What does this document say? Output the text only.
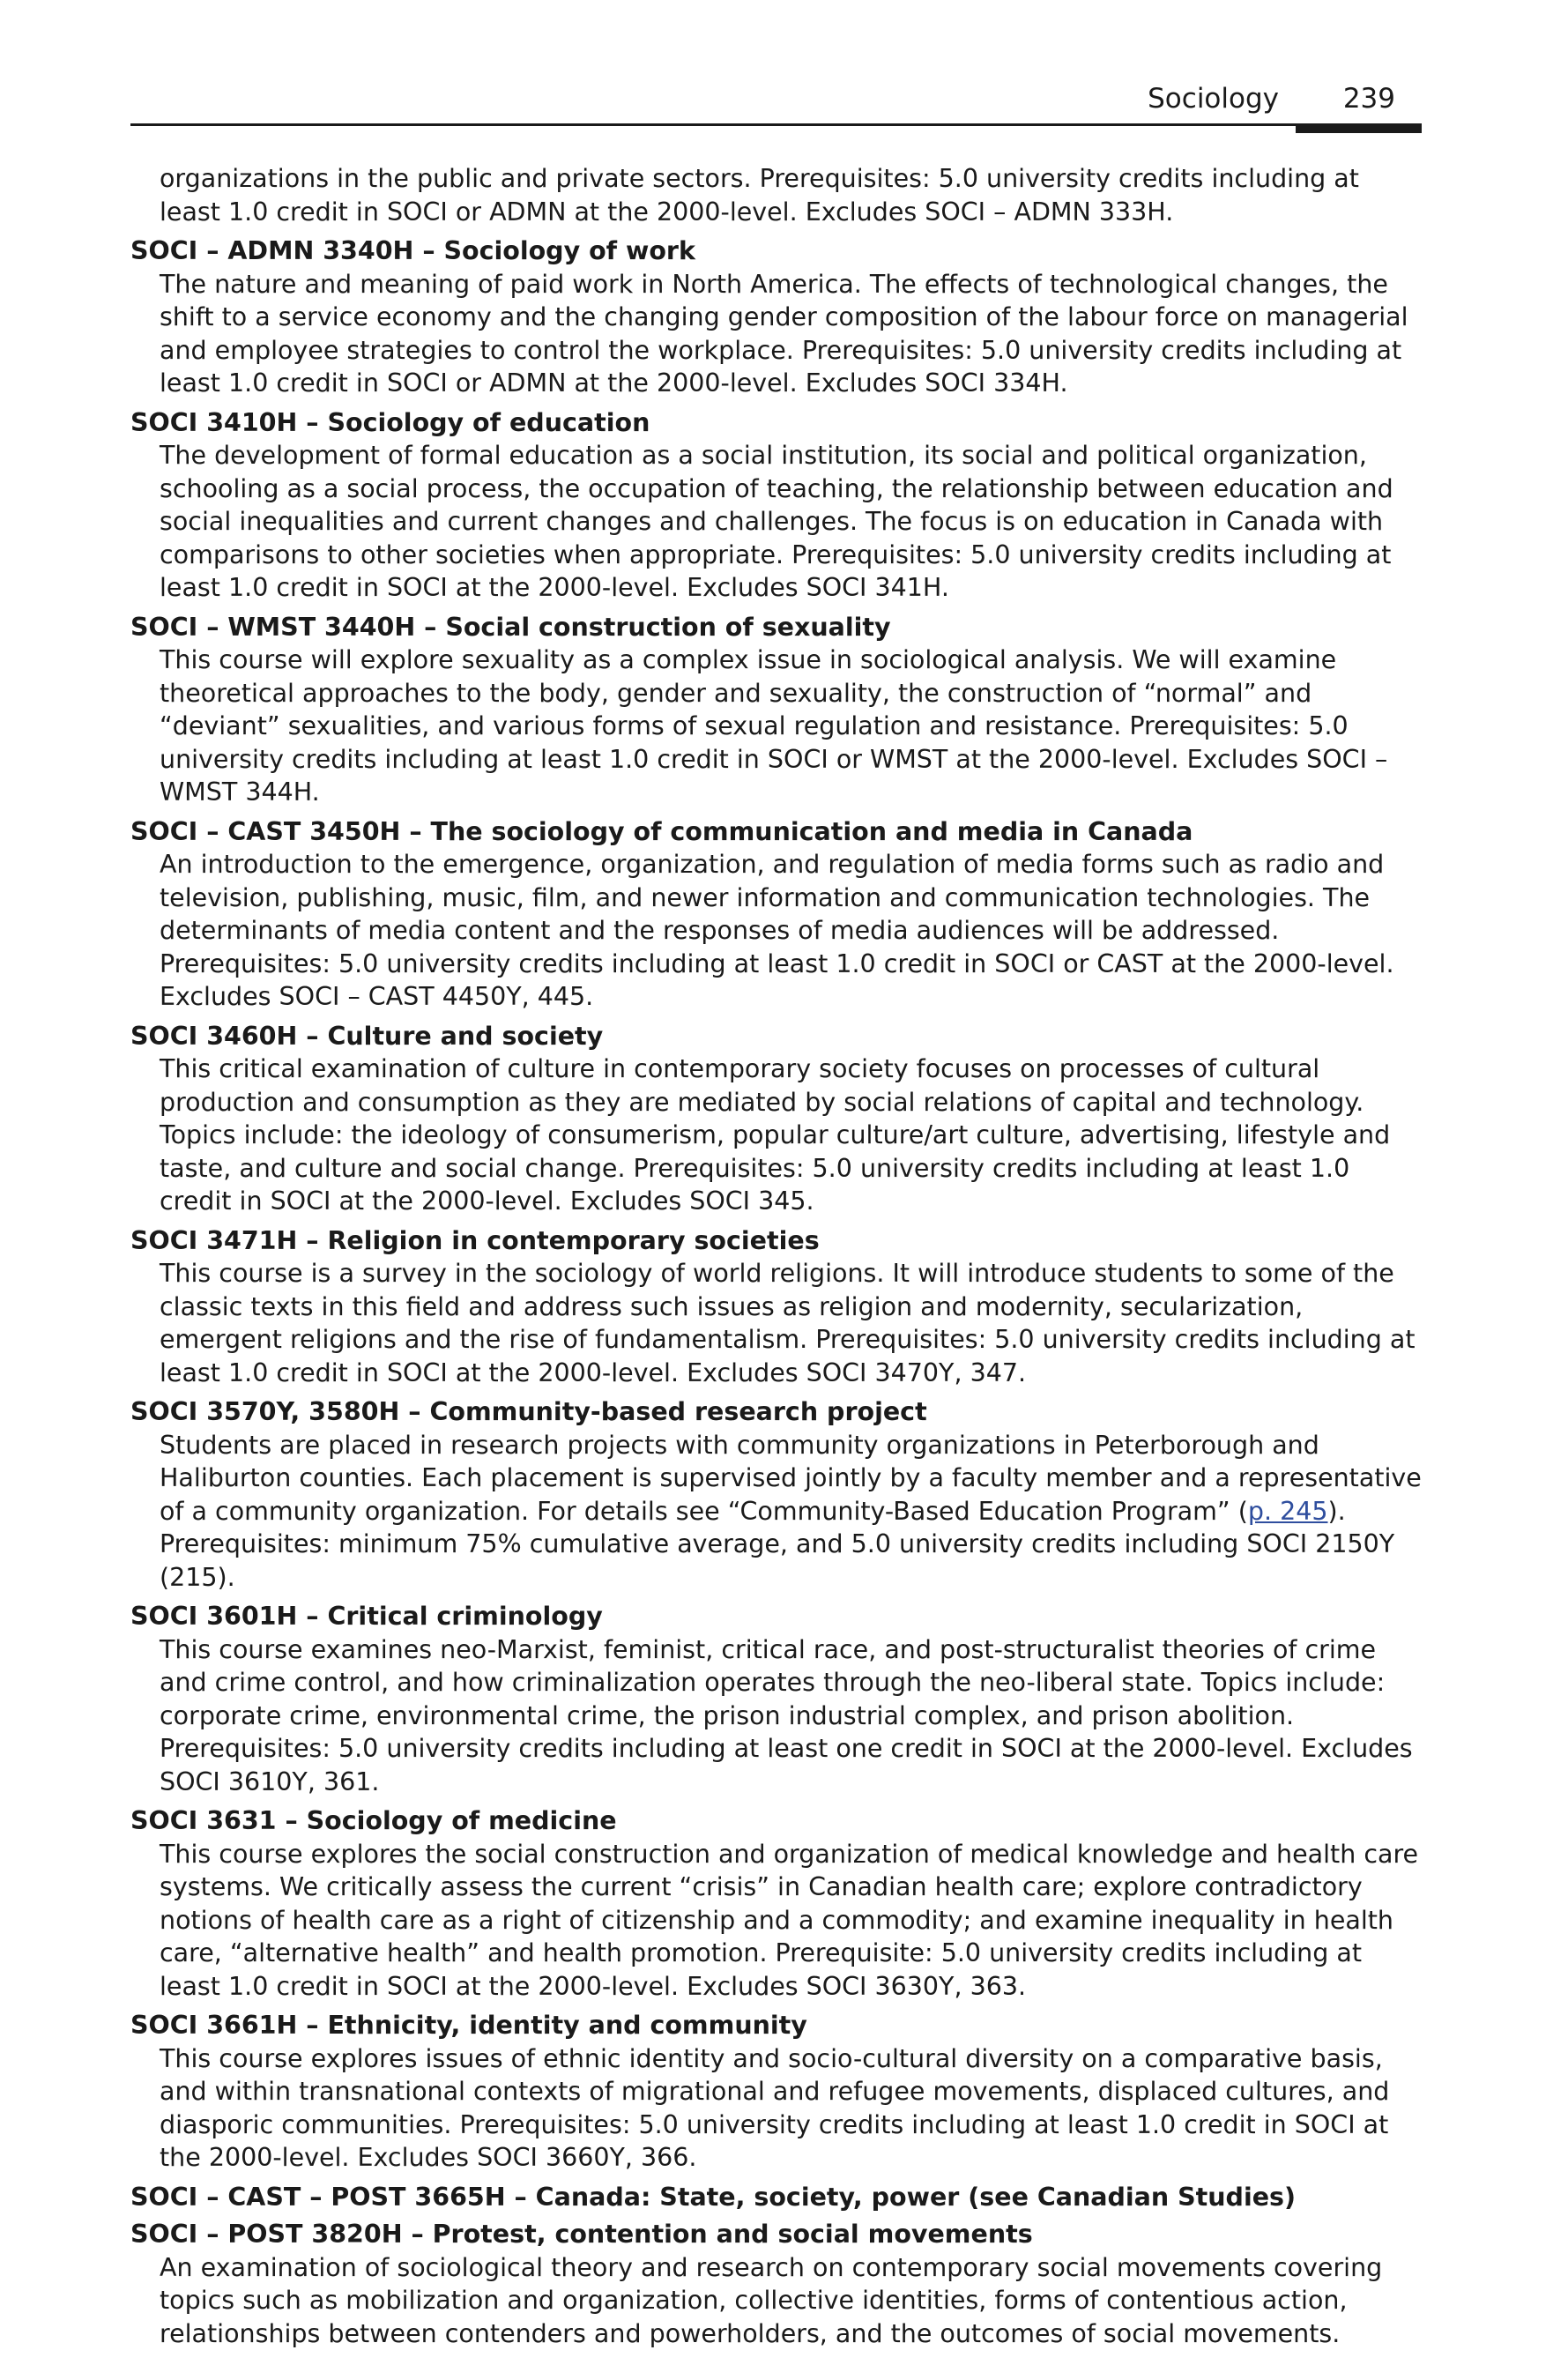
Sociology 239

organizations in the public and private sectors. Prerequisites: 5.0 university credits including at least 1.0 credit in SOCI or ADMN at the 2000-level. Excludes SOCI – ADMN 333H.

SOCI – ADMN 3340H – Sociology of work

The nature and meaning of paid work in North America. The effects of technological changes, the shift to a service economy and the changing gender composition of the labour force on managerial and employee strategies to control the workplace. Prerequisites: 5.0 university credits including at least 1.0 credit in SOCI or ADMN at the 2000-level. Excludes SOCI 334H.

SOCI 3410H – Sociology of education

The development of formal education as a social institution, its social and political organization, schooling as a social process, the occupation of teaching, the relationship between education and social inequalities and current changes and challenges. The focus is on education in Canada with comparisons to other societies when appropriate. Prerequisites: 5.0 university credits including at least 1.0 credit in SOCI at the 2000-level. Excludes SOCI 341H.

SOCI – WMST 3440H – Social construction of sexuality

This course will explore sexuality as a complex issue in sociological analysis. We will examine theoretical approaches to the body, gender and sexuality, the construction of “normal” and “deviant” sexualities, and various forms of sexual regulation and resistance. Prerequisites: 5.0 university credits including at least 1.0 credit in SOCI or WMST at the 2000-level. Excludes SOCI – WMST 344H.

SOCI – CAST 3450H – The sociology of communication and media in Canada

An introduction to the emergence, organization, and regulation of media forms such as radio and television, publishing, music, film, and newer information and communication technologies. The determinants of media content and the responses of media audiences will be addressed. Prerequisites: 5.0 university credits including at least 1.0 credit in SOCI or CAST at the 2000-level. Excludes SOCI – CAST 4450Y, 445.

SOCI 3460H – Culture and society

This critical examination of culture in contemporary society focuses on processes of cultural production and consumption as they are mediated by social relations of capital and technology. Topics include: the ideology of consumerism, popular culture/art culture, advertising, lifestyle and taste, and culture and social change. Prerequisites: 5.0 university credits including at least 1.0 credit in SOCI at the 2000-level. Excludes SOCI 345.

SOCI 3471H – Religion in contemporary societies

This course is a survey in the sociology of world religions. It will introduce students to some of the classic texts in this field and address such issues as religion and modernity, secularization, emergent religions and the rise of fundamentalism. Prerequisites: 5.0 university credits including at least 1.0 credit in SOCI at the 2000-level. Excludes SOCI 3470Y, 347.

SOCI 3570Y, 3580H – Community-based research project

Students are placed in research projects with community organizations in Peterborough and Haliburton counties. Each placement is supervised jointly by a faculty member and a representative of a community organization. For details see “Community-Based Education Program” (p. 245). Prerequisites: minimum 75% cumulative average, and 5.0 university credits including SOCI 2150Y (215).

SOCI 3601H – Critical criminology

This course examines neo-Marxist, feminist, critical race, and post-structuralist theories of crime and crime control, and how criminalization operates through the neo-liberal state. Topics include: corporate crime, environmental crime, the prison industrial complex, and prison abolition. Prerequisites: 5.0 university credits including at least one credit in SOCI at the 2000-level. Excludes SOCI 3610Y, 361.

SOCI 3631 – Sociology of medicine

This course explores the social construction and organization of medical knowledge and health care systems. We critically assess the current “crisis” in Canadian health care; explore contradictory notions of health care as a right of citizenship and a commodity; and examine inequality in health care, “alternative health” and health promotion. Prerequisite: 5.0 university credits including at least 1.0 credit in SOCI at the 2000-level. Excludes SOCI 3630Y, 363.

SOCI 3661H – Ethnicity, identity and community

This course explores issues of ethnic identity and socio-cultural diversity on a comparative basis, and within transnational contexts of migrational and refugee movements, displaced cultures, and diasporic communities. Prerequisites: 5.0 university credits including at least 1.0 credit in SOCI at the 2000-level. Excludes SOCI 3660Y, 366.

SOCI – CAST – POST 3665H – Canada: State, society, power (see Canadian Studies)

SOCI – POST 3820H – Protest, contention and social movements

An examination of sociological theory and research on contemporary social movements covering topics such as mobilization and organization, collective identities, forms of contentious action, relationships between contenders and powerholders, and the outcomes of social movements.
